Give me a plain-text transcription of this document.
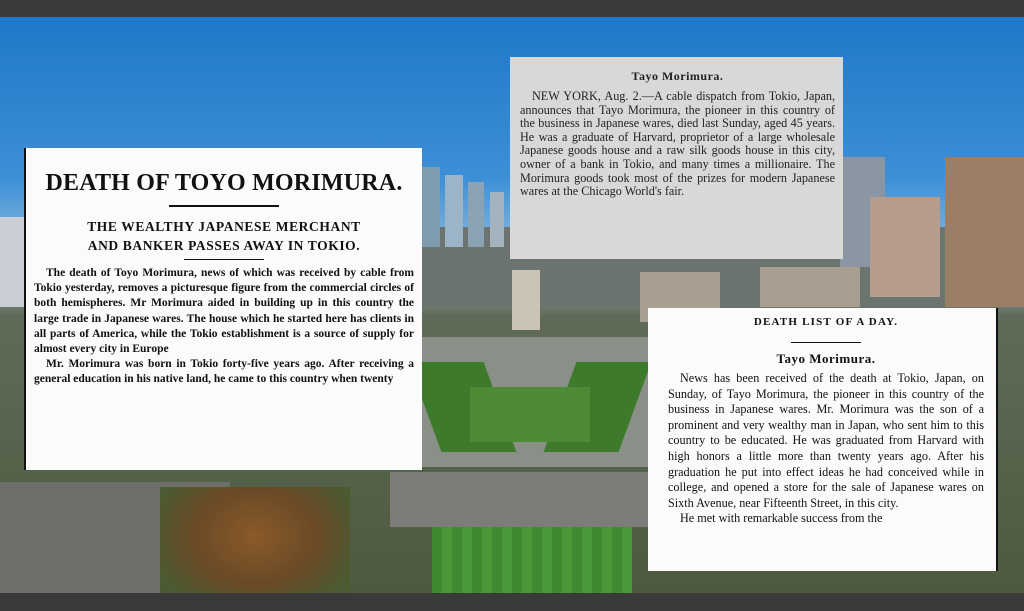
DEATH OF TOYO MORIMURA.
THE WEALTHY JAPANESE MERCHANT
AND BANKER PASSES AWAY IN TOKIO.

The death of Toyo Morimura, news of which was received by cable from Tokio yesterday, removes a picturesque figure from the commercial circles of both hemispheres. Mr Morimura aided in building up in this country the large trade in Japanese wares. The house which he started here has clients in all parts of America, while the Tokio establishment is a source of supply for almost every city in Europe

Mr. Morimura was born in Tokio forty-five years ago. After receiving a general education in his native land, he came to this country when twenty

Tayo Morimura.

NEW YORK, Aug. 2.—A cable dispatch from Tokio, Japan, announces that Tayo Morimura, the pioneer in this country of the business in Japanese wares, died last Sunday, aged 45 years. He was a graduate of Harvard, proprietor of a large wholesale Japanese goods house and a raw silk goods house in this city, owner of a bank in Tokio, and many times a millionaire. The Morimura goods took most of the prizes for modern Japanese wares at the Chicago World's fair.

DEATH LIST OF A DAY.
Tayo Morimura.

News has been received of the death at Tokio, Japan, on Sunday, of Tayo Morimura, the pioneer in this country of the business in Japanese wares. Mr. Morimura was the son of a prominent and very wealthy man in Japan, who sent him to this country to be educated. He was graduated from Harvard with high honors a little more than twenty years ago. After his graduation he put into effect ideas he had conceived while in college, and opened a store for the sale of Japanese wares on Sixth Avenue, near Fifteenth Street, in this city.

He met with remarkable success from the
